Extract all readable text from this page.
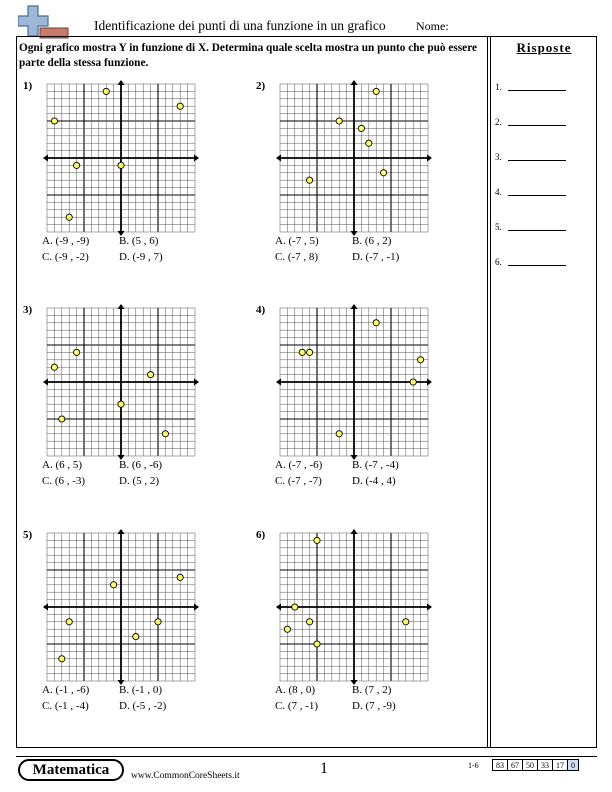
Identificazione dei punti di una funzione in un grafico	Nome:
Ogni grafico mostra Y in funzione di X. Determina quale scelta mostra un punto che può essere parte della stessa funzione.
Risposte
1.
2.
3.
4.
5.
6.
1)
A. (-9 , -9)	B. (5 , 6)
C. (-9 , -2)	D. (-9 , 7)
2)
A. (-7 , 5)	B. (6 , 2)
C. (-7 , 8)	D. (-7 , -1)
3)
A. (6 , 5)	B. (6 , -6)
C. (6 , -3)	D. (5 , 2)
4)
A. (-7 , -6)	B. (-7 , -4)
C. (-7 , -7)	D. (-4 , 4)
5)
A. (-1 , -6)	B. (-1 , 0)
C. (-1 , -4)	D. (-5 , -2)
6)
A. (8 , 0)	B. (7 , 2)
C. (7 , -1)	D. (7 , -9)
Matematica	www.CommonCoreSheets.it	1	1-6	83 67 50 33 17 0
